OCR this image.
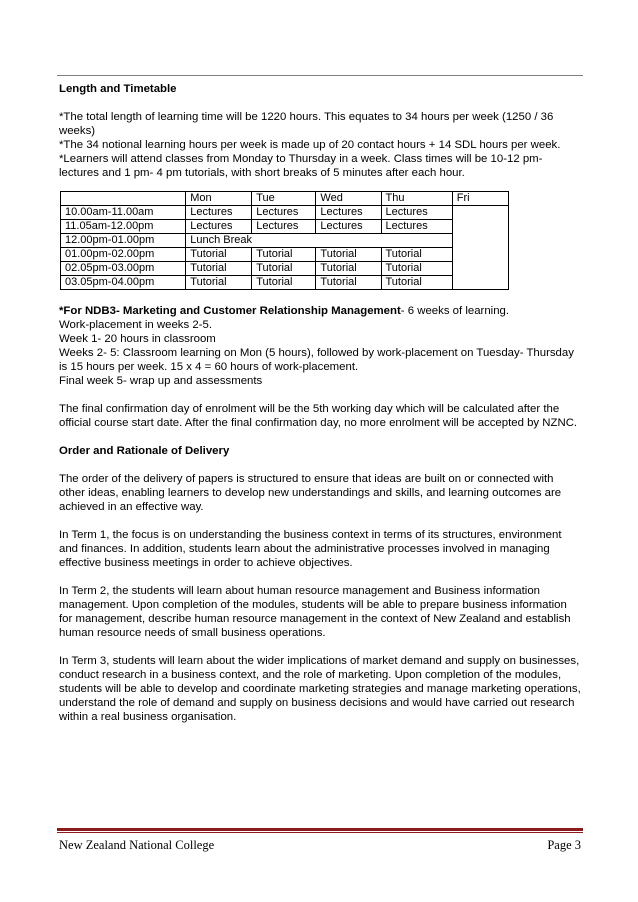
Length and Timetable

*The total length of learning time will be 1220 hours. This equates to 34 hours per week (1250 / 36 weeks)

*The 34 notional learning hours per week is made up of 20 contact hours + 14 SDL hours per week.

*Learners will attend classes from Monday to Thursday in a week. Class times will be 10-12 pm- lectures and 1 pm- 4 pm tutorials, with short breaks of 5 minutes after each hour.

	Mon	Tue	Wed	Thu	Fri
10.00am-11.00am	Lectures	Lectures	Lectures	Lectures	
11.05am-12.00pm	Lectures	Lectures	Lectures	Lectures	
12.00pm-01.00pm	Lunch Break				
01.00pm-02.00pm	Tutorial	Tutorial	Tutorial	Tutorial	
02.05pm-03.00pm	Tutorial	Tutorial	Tutorial	Tutorial	
03.05pm-04.00pm	Tutorial	Tutorial	Tutorial	Tutorial	

*For NDB3- Marketing and Customer Relationship Management- 6 weeks of learning.

Work-placement in weeks 2-5.

Week 1- 20 hours in classroom

Weeks 2- 5: Classroom learning on Mon (5 hours), followed by work-placement on Tuesday- Thursday is 15 hours per week. 15 x 4 = 60 hours of work-placement.

Final week 5- wrap up and assessments

The final confirmation day of enrolment will be the 5th working day which will be calculated after the official course start date. After the final confirmation day, no more enrolment will be accepted by NZNC.

Order and Rationale of Delivery

The order of the delivery of papers is structured to ensure that ideas are built on or connected with other ideas, enabling learners to develop new understandings and skills, and learning outcomes are achieved in an effective way.

In Term 1, the focus is on understanding the business context in terms of its structures, environment and finances. In addition, students learn about the administrative processes involved in managing effective business meetings in order to achieve objectives.

In Term 2, the students will learn about human resource management and Business information management. Upon completion of the modules, students will be able to prepare business information for management, describe human resource management in the context of New Zealand and establish human resource needs of small business operations.

In Term 3, students will learn about the wider implications of market demand and supply on businesses, conduct research in a business context, and the role of marketing. Upon completion of the modules, students will be able to develop and coordinate marketing strategies and manage marketing operations, understand the role of demand and supply on business decisions and would have carried out research within a real business organisation.

New Zealand National College	Page 3
